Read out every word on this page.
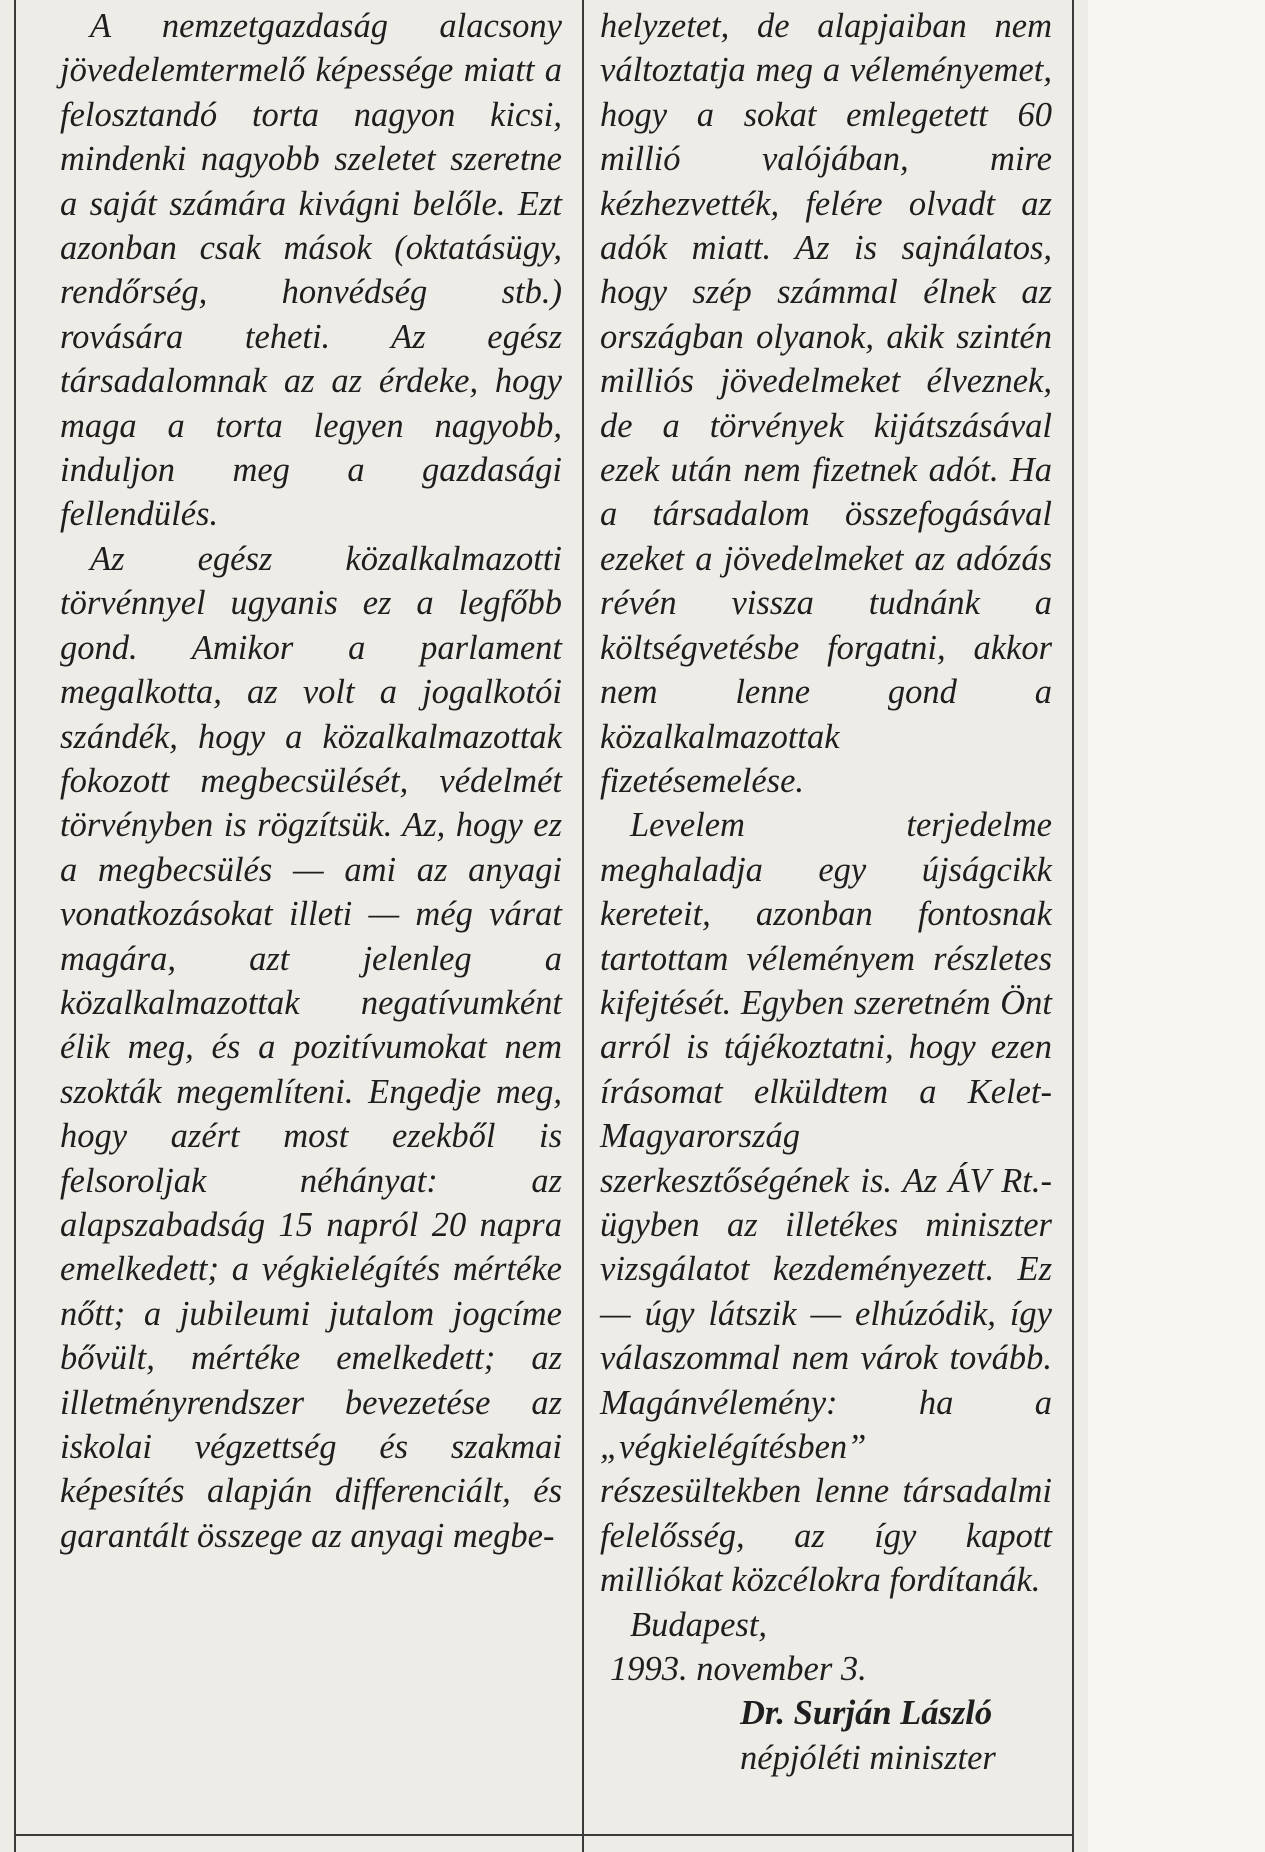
A nemzetgazdaság alacsony jövedelemtermelő képessége miatt a felosztandó torta nagyon kicsi, mindenki nagyobb szeletet szeretne a saját számára kivágni belőle. Ezt azonban csak mások (oktatásügy, rendőrség, honvédség stb.) rovására teheti. Az egész társadalomnak az az érdeke, hogy maga a torta legyen nagyobb, induljon meg a gazdasági fellendülés.

Az egész közalkalmazotti törvénnyel ugyanis ez a legfőbb gond. Amikor a parlament megalkotta, az volt a jogalkotói szándék, hogy a közalkalmazottak fokozott megbecsülését, védelmét törvényben is rögzítsük. Az, hogy ez a megbecsülés — ami az anyagi vonatkozásokat illeti — még várat magára, azt jelenleg a közalkalmazottak negatívumként élik meg, és a pozitívumokat nem szokták megemlíteni. Engedje meg, hogy azért most ezekből is felsoroljak néhányat: az alapszabadság 15 napról 20 napra emelkedett; a végkielégítés mértéke nőtt; a jubileumi jutalom jogcíme bővült, mértéke emelkedett; az illetményrendszer bevezetése az iskolai végzettség és szakmai képesítés alapján differenciált, és garantált összege az anyagi megbe-

helyzetet, de alapjaiban nem változtatja meg a véleményemet, hogy a sokat emlegetett 60 millió valójában, mire kézhezvették, felére olvadt az adók miatt. Az is sajnálatos, hogy szép számmal élnek az országban olyanok, akik szintén milliós jövedelmeket élveznek, de a törvények kijátszásával ezek után nem fizetnek adót. Ha a társadalom összefogásával ezeket a jövedelmeket az adózás révén vissza tudnánk a költségvetésbe forgatni, akkor nem lenne gond a közalkalmazottak fizetésemelése.

Levelem terjedelme meghaladja egy újságcikk kereteit, azonban fontosnak tartottam véleményem részletes kifejtését. Egyben szeretném Önt arról is tájékoztatni, hogy ezen írásomat elküldtem a Kelet-Magyarország szerkesztőségének is. Az ÁV Rt.-ügyben az illetékes miniszter vizsgálatot kezdeményezett. Ez — úgy látszik — elhúzódik, így válaszommal nem várok tovább. Magánvélemény: ha a „végkielégítésben” részesültekben lenne társadalmi felelősség, az így kapott milliókat közcélokra fordítanák.

Budapest,
1993. november 3.
Dr. Surján László
népjóléti miniszter
